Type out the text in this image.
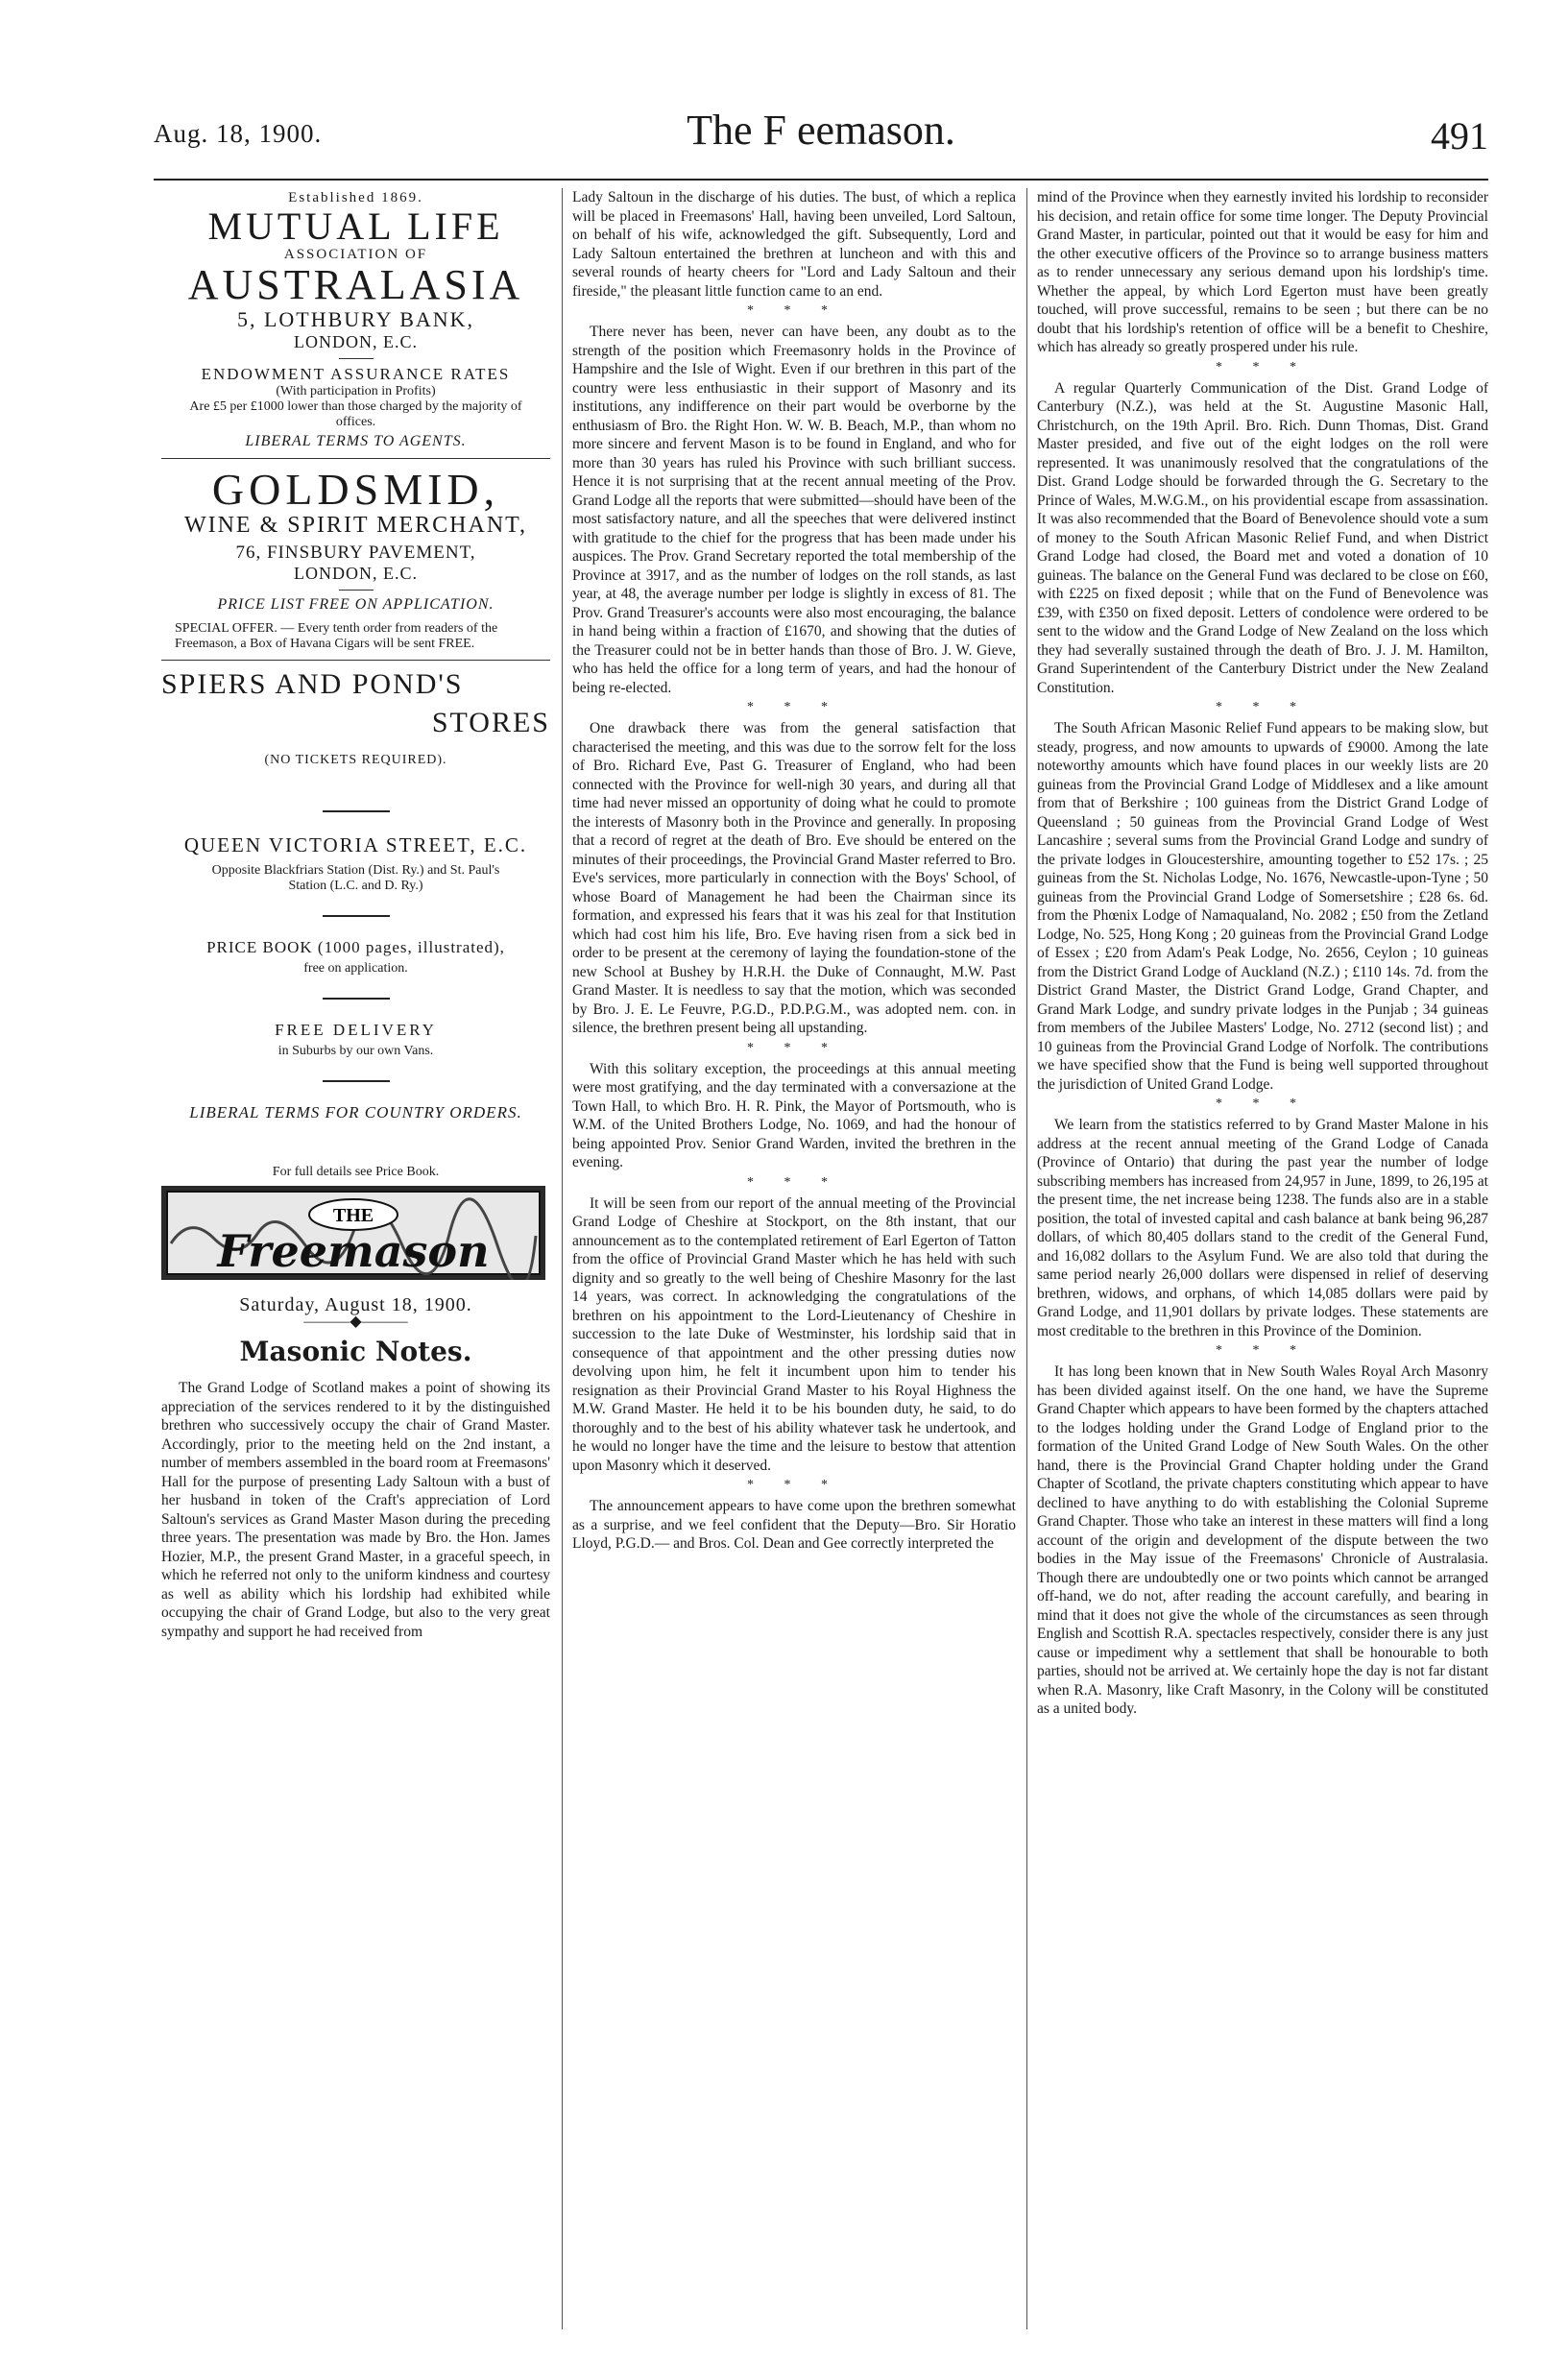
Aug. 18, 1900.	The F eemason.	491
Established 1869.
MUTUAL LIFE
ASSOCIATION OF
AUSTRALASIA
5, LOTHBURY BANK,
LONDON, E.C.
ENDOWMENT ASSURANCE RATES
(With participation in Profits)
Are £5 per £1000 lower than those charged by the majority of offices.
LIBERAL TERMS TO AGENTS.
GOLDSMID,
WINE & SPIRIT MERCHANT,
76, FINSBURY PAVEMENT,
LONDON, E.C.
PRICE LIST FREE ON APPLICATION.
SPECIAL OFFER. — Every tenth order from readers of the Freemason, a Box of Havana Cigars will be sent FREE.
SPIERS AND POND'S
STORES
(NO TICKETS REQUIRED).
QUEEN VICTORIA STREET, E.C.
Opposite Blackfriars Station (Dist. Ry.) and St. Paul's Station (L.C. and D. Ry.)
PRICE BOOK (1000 pages, illustrated),
free on application.
FREE DELIVERY
in Suburbs by our own Vans.
LIBERAL TERMS FOR COUNTRY ORDERS.
For full details see Price Book.
THE
Freemason
Saturday, August 18, 1900.
―――◆―――
Masonic Notes.

The Grand Lodge of Scotland makes a point of showing its appreciation of the services rendered to it by the distinguished brethren who successively occupy the chair of Grand Master. Accordingly, prior to the meeting held on the 2nd instant, a number of members assembled in the board room at Freemasons' Hall for the purpose of presenting Lady Saltoun with a bust of her husband in token of the Craft's appreciation of Lord Saltoun's services as Grand Master Mason during the preceding three years. The presentation was made by Bro. the Hon. James Hozier, M.P., the present Grand Master, in a graceful speech, in which he referred not only to the uniform kindness and courtesy as well as ability which his lordship had exhibited while occupying the chair of Grand Lodge, but also to the very great sympathy and support he had received from

Lady Saltoun in the discharge of his duties. The bust, of which a replica will be placed in Freemasons' Hall, having been unveiled, Lord Saltoun, on behalf of his wife, acknowledged the gift. Subsequently, Lord and Lady Saltoun entertained the brethren at luncheon and with this and several rounds of hearty cheers for "Lord and Lady Saltoun and their fireside," the pleasant little function came to an end.

* * *

There never has been, never can have been, any doubt as to the strength of the position which Freemasonry holds in the Province of Hampshire and the Isle of Wight. Even if our brethren in this part of the country were less enthusiastic in their support of Masonry and its institutions, any indifference on their part would be overborne by the enthusiasm of Bro. the Right Hon. W. W. B. Beach, M.P., than whom no more sincere and fervent Mason is to be found in England, and who for more than 30 years has ruled his Province with such brilliant success. Hence it is not surprising that at the recent annual meeting of the Prov. Grand Lodge all the reports that were submitted—should have been of the most satisfactory nature, and all the speeches that were delivered instinct with gratitude to the chief for the progress that has been made under his auspices. The Prov. Grand Secretary reported the total membership of the Province at 3917, and as the number of lodges on the roll stands, as last year, at 48, the average number per lodge is slightly in excess of 81. The Prov. Grand Treasurer's accounts were also most encouraging, the balance in hand being within a fraction of £1670, and showing that the duties of the Treasurer could not be in better hands than those of Bro. J. W. Gieve, who has held the office for a long term of years, and had the honour of being re-elected.

* * *

One drawback there was from the general satisfaction that characterised the meeting, and this was due to the sorrow felt for the loss of Bro. Richard Eve, Past G. Treasurer of England, who had been connected with the Province for well-nigh 30 years, and during all that time had never missed an opportunity of doing what he could to promote the interests of Masonry both in the Province and generally. In proposing that a record of regret at the death of Bro. Eve should be entered on the minutes of their proceedings, the Provincial Grand Master referred to Bro. Eve's services, more particularly in connection with the Boys' School, of whose Board of Management he had been the Chairman since its formation, and expressed his fears that it was his zeal for that Institution which had cost him his life, Bro. Eve having risen from a sick bed in order to be present at the ceremony of laying the foundation-stone of the new School at Bushey by H.R.H. the Duke of Connaught, M.W. Past Grand Master. It is needless to say that the motion, which was seconded by Bro. J. E. Le Feuvre, P.G.D., P.D.P.G.M., was adopted nem. con. in silence, the brethren present being all upstanding.

* * *

With this solitary exception, the proceedings at this annual meeting were most gratifying, and the day terminated with a conversazione at the Town Hall, to which Bro. H. R. Pink, the Mayor of Portsmouth, who is W.M. of the United Brothers Lodge, No. 1069, and had the honour of being appointed Prov. Senior Grand Warden, invited the brethren in the evening.

* * *

It will be seen from our report of the annual meeting of the Provincial Grand Lodge of Cheshire at Stockport, on the 8th instant, that our announcement as to the contemplated retirement of Earl Egerton of Tatton from the office of Provincial Grand Master which he has held with such dignity and so greatly to the well being of Cheshire Masonry for the last 14 years, was correct. In acknowledging the congratulations of the brethren on his appointment to the Lord-Lieutenancy of Cheshire in succession to the late Duke of Westminster, his lordship said that in consequence of that appointment and the other pressing duties now devolving upon him, he felt it incumbent upon him to tender his resignation as their Provincial Grand Master to his Royal Highness the M.W. Grand Master. He held it to be his bounden duty, he said, to do thoroughly and to the best of his ability whatever task he undertook, and he would no longer have the time and the leisure to bestow that attention upon Masonry which it deserved.

* * *

The announcement appears to have come upon the brethren somewhat as a surprise, and we feel confident that the Deputy—Bro. Sir Horatio Lloyd, P.G.D.— and Bros. Col. Dean and Gee correctly interpreted the

mind of the Province when they earnestly invited his lordship to reconsider his decision, and retain office for some time longer. The Deputy Provincial Grand Master, in particular, pointed out that it would be easy for him and the other executive officers of the Province so to arrange business matters as to render unnecessary any serious demand upon his lordship's time. Whether the appeal, by which Lord Egerton must have been greatly touched, will prove successful, remains to be seen ; but there can be no doubt that his lordship's retention of office will be a benefit to Cheshire, which has already so greatly prospered under his rule.

* * *

A regular Quarterly Communication of the Dist. Grand Lodge of Canterbury (N.Z.), was held at the St. Augustine Masonic Hall, Christchurch, on the 19th April. Bro. Rich. Dunn Thomas, Dist. Grand Master presided, and five out of the eight lodges on the roll were represented. It was unanimously resolved that the congratulations of the Dist. Grand Lodge should be forwarded through the G. Secretary to the Prince of Wales, M.W.G.M., on his providential escape from assassination. It was also recommended that the Board of Benevolence should vote a sum of money to the South African Masonic Relief Fund, and when District Grand Lodge had closed, the Board met and voted a donation of 10 guineas. The balance on the General Fund was declared to be close on £60, with £225 on fixed deposit ; while that on the Fund of Benevolence was £39, with £350 on fixed deposit. Letters of condolence were ordered to be sent to the widow and the Grand Lodge of New Zealand on the loss which they had severally sustained through the death of Bro. J. J. M. Hamilton, Grand Superintendent of the Canterbury District under the New Zealand Constitution.

* * *

The South African Masonic Relief Fund appears to be making slow, but steady, progress, and now amounts to upwards of £9000. Among the late noteworthy amounts which have found places in our weekly lists are 20 guineas from the Provincial Grand Lodge of Middlesex and a like amount from that of Berkshire ; 100 guineas from the District Grand Lodge of Queensland ; 50 guineas from the Provincial Grand Lodge of West Lancashire ; several sums from the Provincial Grand Lodge and sundry of the private lodges in Gloucestershire, amounting together to £52 17s. ; 25 guineas from the St. Nicholas Lodge, No. 1676, Newcastle-upon-Tyne ; 50 guineas from the Provincial Grand Lodge of Somersetshire ; £28 6s. 6d. from the Phœnix Lodge of Namaqualand, No. 2082 ; £50 from the Zetland Lodge, No. 525, Hong Kong ; 20 guineas from the Provincial Grand Lodge of Essex ; £20 from Adam's Peak Lodge, No. 2656, Ceylon ; 10 guineas from the District Grand Lodge of Auckland (N.Z.) ; £110 14s. 7d. from the District Grand Master, the District Grand Lodge, Grand Chapter, and Grand Mark Lodge, and sundry private lodges in the Punjab ; 34 guineas from members of the Jubilee Masters' Lodge, No. 2712 (second list) ; and 10 guineas from the Provincial Grand Lodge of Norfolk. The contributions we have specified show that the Fund is being well supported throughout the jurisdiction of United Grand Lodge.

* * *

We learn from the statistics referred to by Grand Master Malone in his address at the recent annual meeting of the Grand Lodge of Canada (Province of Ontario) that during the past year the number of lodge subscribing members has increased from 24,957 in June, 1899, to 26,195 at the present time, the net increase being 1238. The funds also are in a stable position, the total of invested capital and cash balance at bank being 96,287 dollars, of which 80,405 dollars stand to the credit of the General Fund, and 16,082 dollars to the Asylum Fund. We are also told that during the same period nearly 26,000 dollars were dispensed in relief of deserving brethren, widows, and orphans, of which 14,085 dollars were paid by Grand Lodge, and 11,901 dollars by private lodges. These statements are most creditable to the brethren in this Province of the Dominion.

* * *

It has long been known that in New South Wales Royal Arch Masonry has been divided against itself. On the one hand, we have the Supreme Grand Chapter which appears to have been formed by the chapters attached to the lodges holding under the Grand Lodge of England prior to the formation of the United Grand Lodge of New South Wales. On the other hand, there is the Provincial Grand Chapter holding under the Grand Chapter of Scotland, the private chapters constituting which appear to have declined to have anything to do with establishing the Colonial Supreme Grand Chapter. Those who take an interest in these matters will find a long account of the origin and development of the dispute between the two bodies in the May issue of the Freemasons' Chronicle of Australasia. Though there are undoubtedly one or two points which cannot be arranged off-hand, we do not, after reading the account carefully, and bearing in mind that it does not give the whole of the circumstances as seen through English and Scottish R.A. spectacles respectively, consider there is any just cause or impediment why a settlement that shall be honourable to both parties, should not be arrived at. We certainly hope the day is not far distant when R.A. Masonry, like Craft Masonry, in the Colony will be constituted as a united body.
